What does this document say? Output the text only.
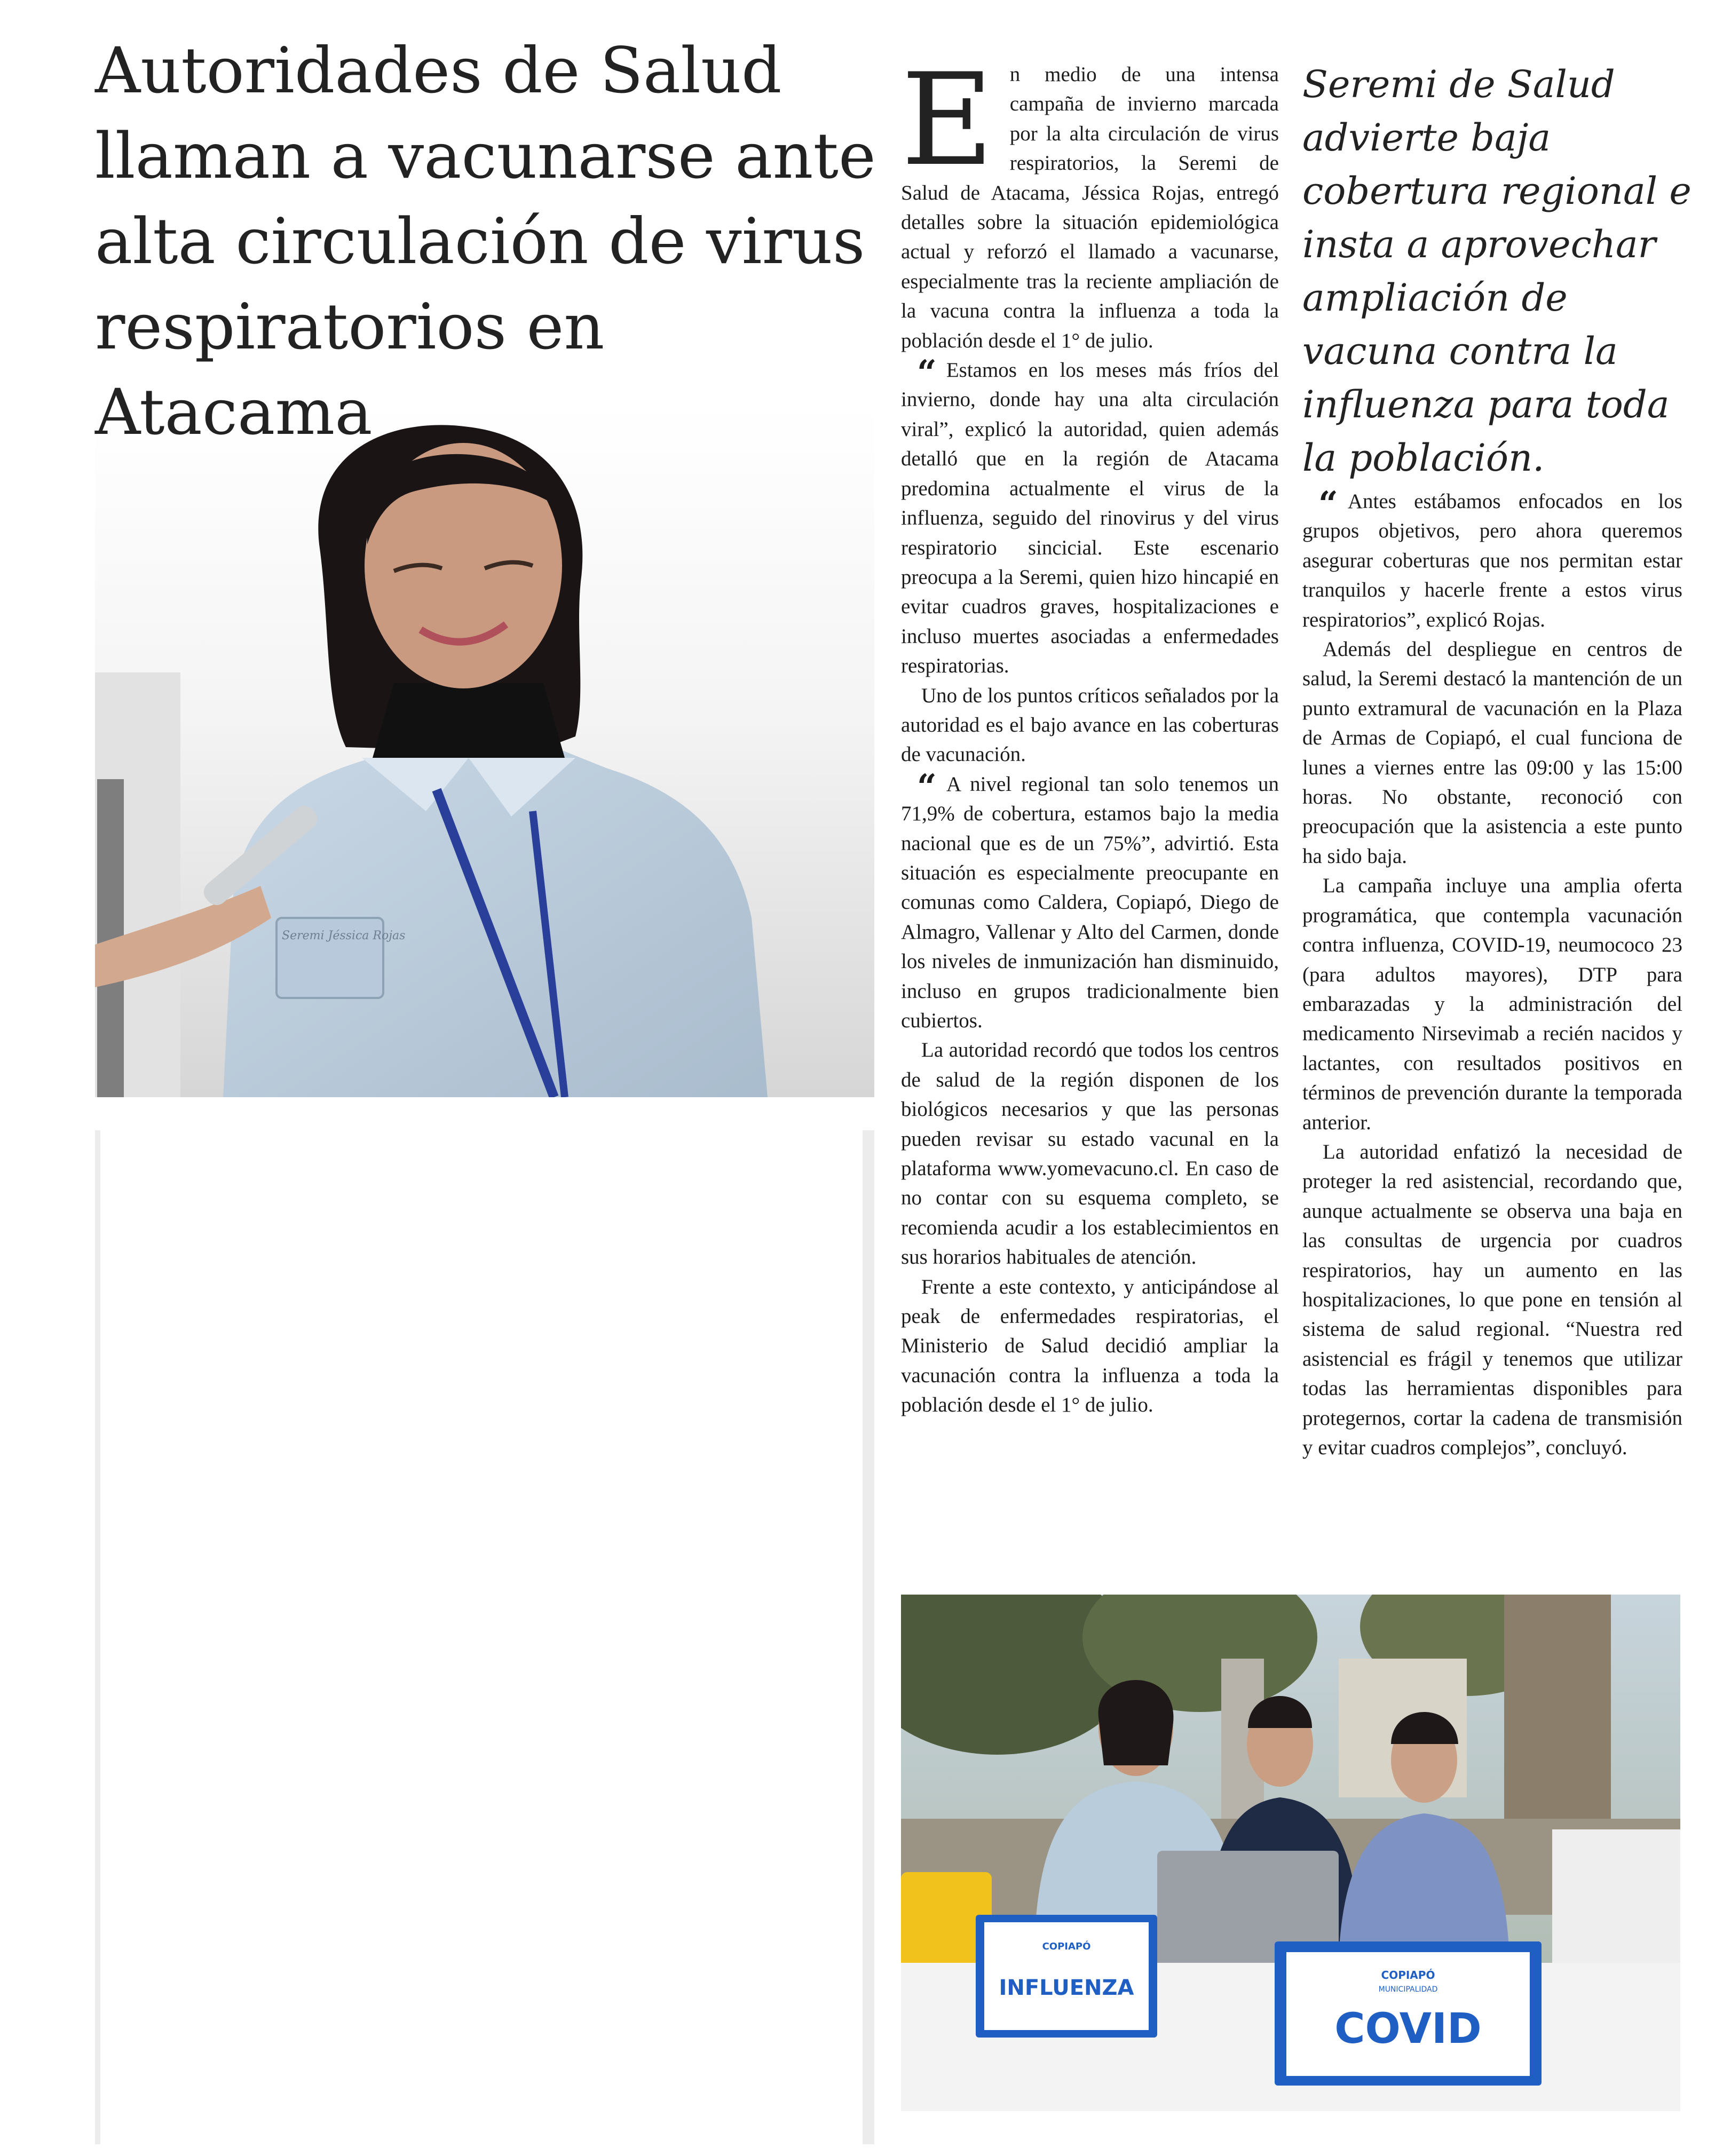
Autoridades de Salud llaman a vacunarse ante alta circulación de virus respiratorios en Atacama
Seremi Jéssica Rojas
E n medio de una intensa campaña de invierno marcada por la alta circulación de virus respiratorios, la Seremi de Salud de Atacama, Jéssica Rojas, entregó detalles sobre la situación epidemiológica actual y reforzó el llamado a vacunarse, especialmente tras la reciente ampliación de la vacuna contra la influenza a toda la población desde el 1° de julio.

“ Estamos en los meses más fríos del invierno, donde hay una alta circulación viral”, explicó la autoridad, quien además detalló que en la región de Atacama predomina actualmente el virus de la influenza, seguido del rinovirus y del virus respiratorio sincicial. Este escenario preocupa a la Seremi, quien hizo hincapié en evitar cuadros graves, hospitalizaciones e incluso muertes asociadas a enfermedades respiratorias.

Uno de los puntos críticos señalados por la autoridad es el bajo avance en las coberturas de vacunación.

“ A nivel regional tan solo tenemos un 71,9% de cobertura, estamos bajo la media nacional que es de un 75%”, advirtió. Esta situación es especialmente preocupante en comunas como Caldera, Copiapó, Diego de Almagro, Vallenar y Alto del Carmen, donde los niveles de inmunización han disminuido, incluso en grupos tradicionalmente bien cubiertos.

La autoridad recordó que todos los centros de salud de la región disponen de los biológicos necesarios y que las personas pueden revisar su estado vacunal en la plataforma www.yomevacuno.cl. En caso de no contar con su esquema completo, se recomienda acudir a los establecimientos en sus horarios habituales de atención.

Frente a este contexto, y anticipándose al peak de enfermedades respiratorias, el Ministerio de Salud decidió ampliar la vacunación contra la influenza a toda la población desde el 1° de julio.

Seremi de Salud advierte baja cobertura regional e insta a aprovechar ampliación de vacuna contra la influenza para toda la población.

“ Antes estábamos enfocados en los grupos objetivos, pero ahora queremos asegurar coberturas que nos permitan estar tranquilos y hacerle frente a estos virus respiratorios”, explicó Rojas.

Además del despliegue en centros de salud, la Seremi destacó la mantención de un punto extramural de vacunación en la Plaza de Armas de Copiapó, el cual funciona de lunes a viernes entre las 09:00 y las 15:00 horas. No obstante, reconoció con preocupación que la asistencia a este punto ha sido baja.

La campaña incluye una amplia oferta programática, que contempla vacunación contra influenza, COVID-19, neumococo 23 (para adultos mayores), DTP para embarazadas y la administración del medicamento Nirsevimab a recién nacidos y lactantes, con resultados positivos en términos de prevención durante la temporada anterior.

La autoridad enfatizó la necesidad de proteger la red asistencial, recordando que, aunque actualmente se observa una baja en las consultas de urgencia por cuadros respiratorios, hay un aumento en las hospitalizaciones, lo que pone en tensión al sistema de salud regional. “Nuestra red asistencial es frágil y tenemos que utilizar todas las herramientas disponibles para protegernos, cortar la cadena de transmisión y evitar cuadros complejos”, concluyó.

COPIAPÓ
INFLUENZA
COPIAPÓ
MUNICIPALIDAD
COVID
